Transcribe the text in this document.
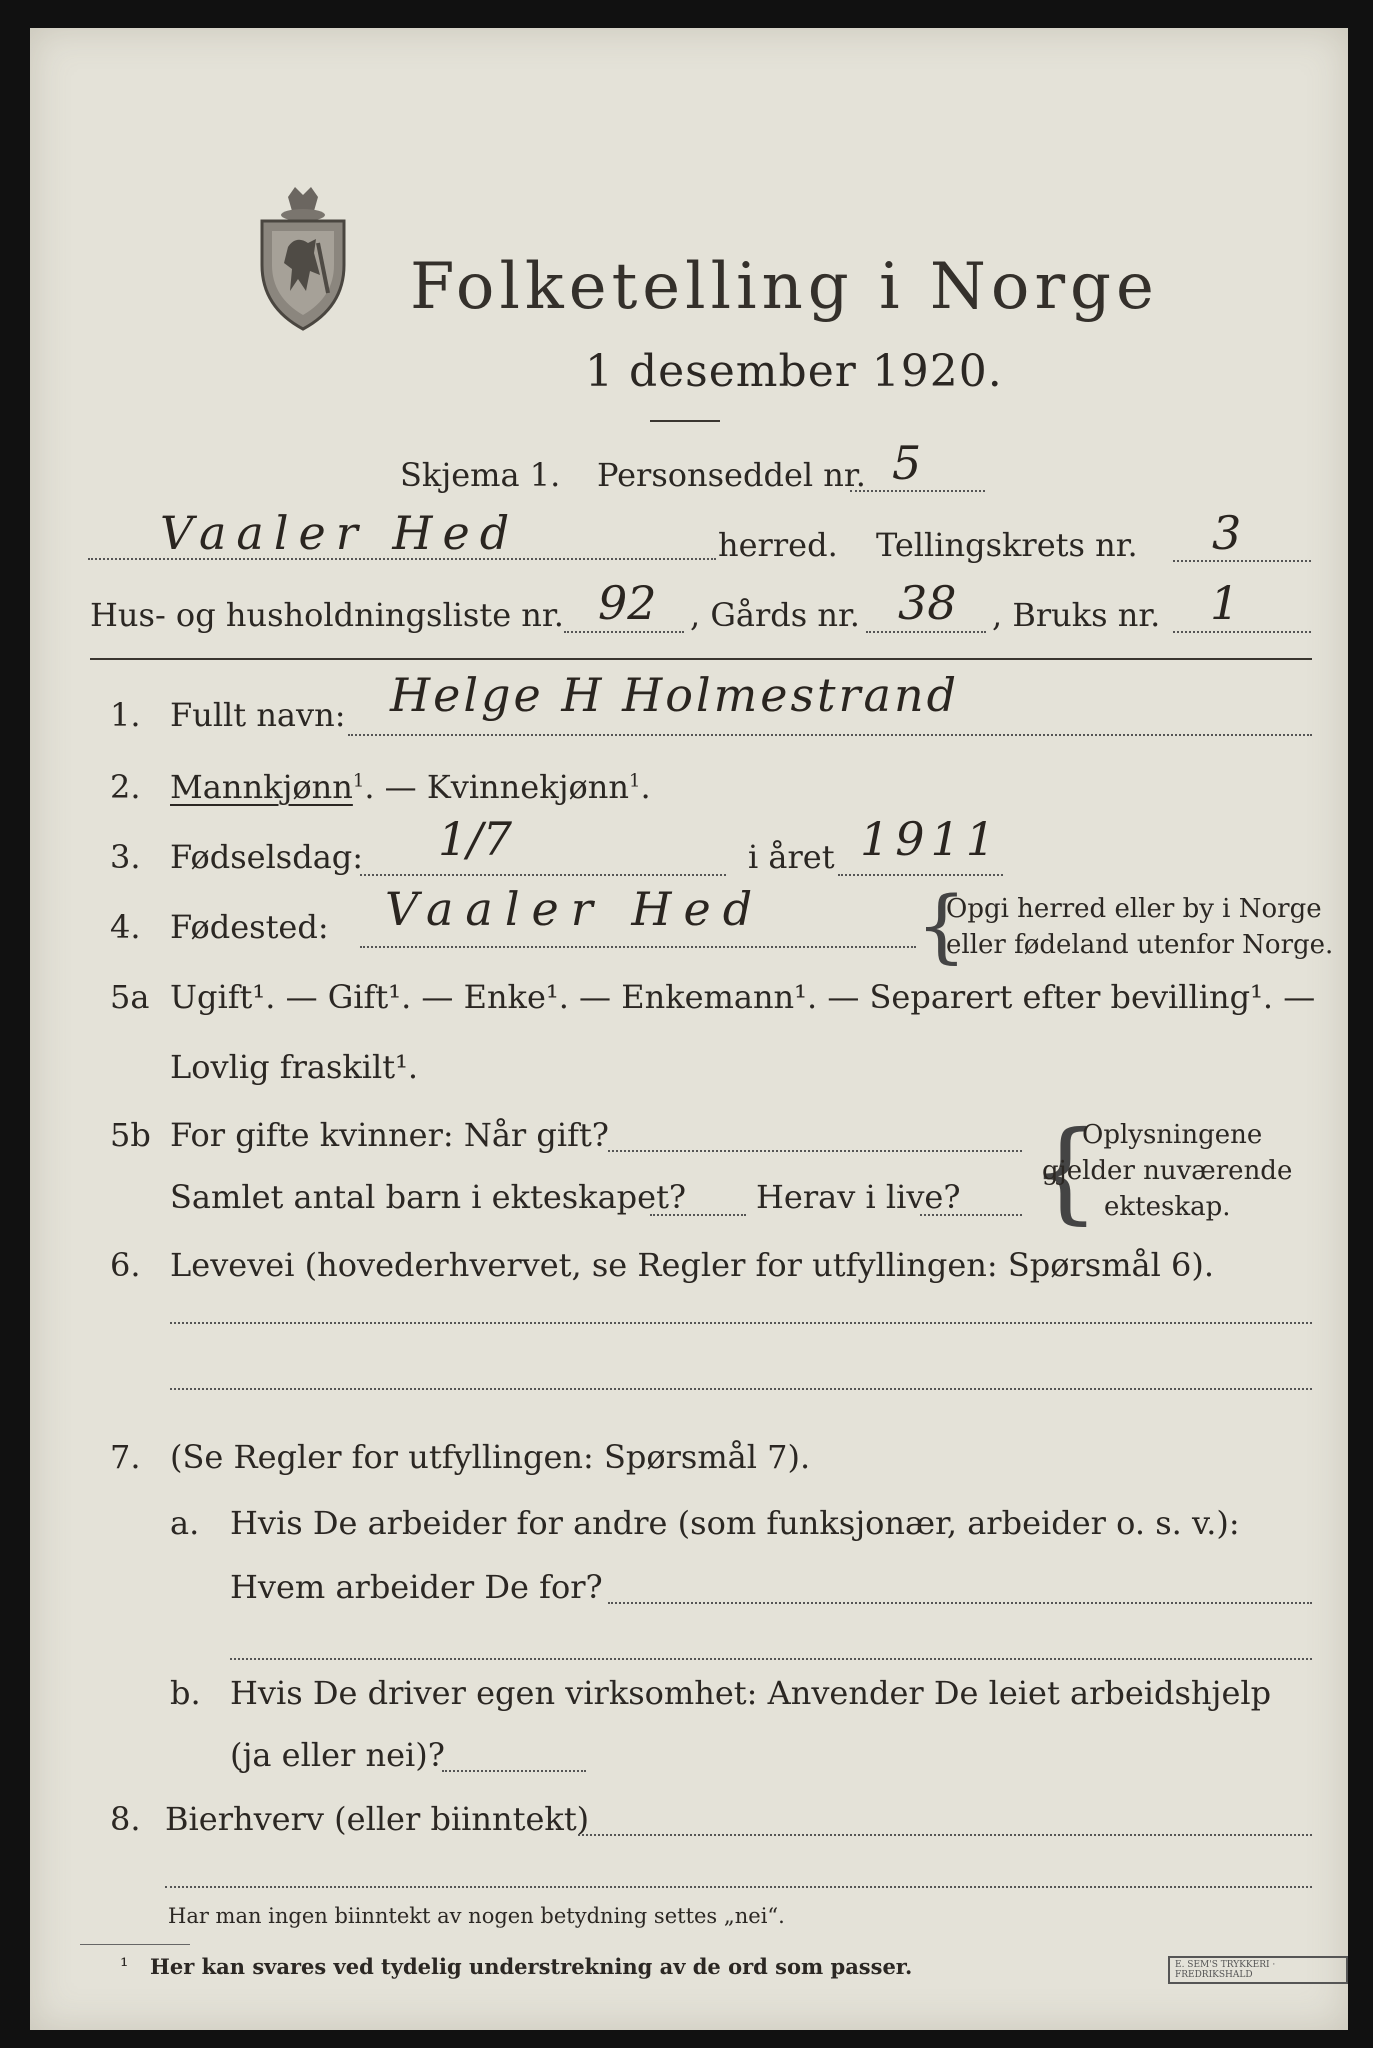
Folketelling i Norge
1 desember 1920.
Skjema 1. Personseddel nr. 5
Vaaler Hed	herred. Tellingskrets nr. 3
Hus- og husholdningsliste nr. 92 , Gårds nr. 38 , Bruks nr. 1
1. Fullt navn: Helge H Holmestrand
2. Mannkjønn$^1$. — Kvinnekjønn$^1$.
3. Fødselsdag: 1/7	i året 1911
4. Fødested: Vaaler Hed {
Opgi herred eller by i Norge
eller fødeland utenfor Norge.
5a Ugift¹. — Gift¹. — Enke¹. — Enkemann¹. — Separert efter bevilling¹. —
Lovlig fraskilt¹.
5b For gifte kvinner: Når gift?
Samlet antal barn i ekteskapet? Herav i live? {
Oplysningene
gjelder nuværende
ekteskap.
6. Levevei (hovederhvervet, se Regler for utfyllingen: Spørsmål 6).
7. (Se Regler for utfyllingen: Spørsmål 7).
a. Hvis De arbeider for andre (som funksjonær, arbeider o. s. v.):
Hvem arbeider De for?
b. Hvis De driver egen virksomhet: Anvender De leiet arbeidshjelp
(ja eller nei)?
8. Bierhverv (eller biinntekt)
Har man ingen biinntekt av nogen betydning settes „nei“.
¹ Her kan svares ved tydelig understrekning av de ord som passer.	E. SEM'S TRYKKERI · FREDRIKSHALD
